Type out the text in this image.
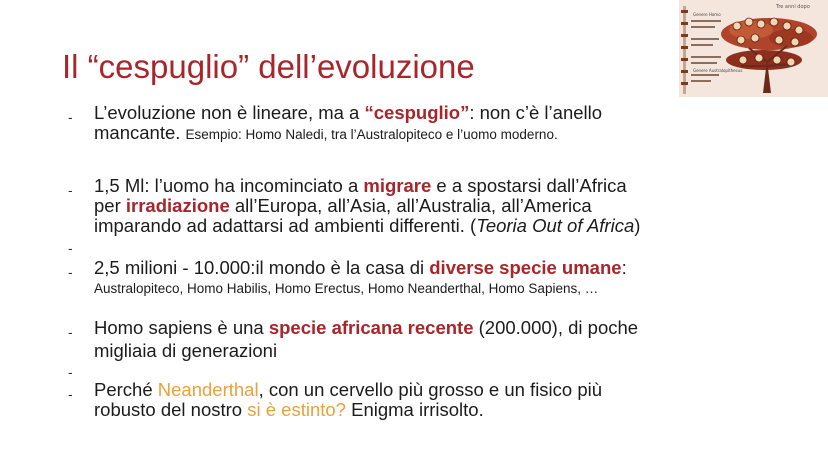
Il “cespuglio” dell’evoluzione
Tre anni dopo
Genere Homo
Genere Australopithecus
- L’evoluzione non è lineare, ma a “cespuglio”: non c’è l’anello
mancante. Esempio: Homo Naledi, tra l’Australopiteco e l’uomo moderno.
- 1,5 Ml: l’uomo ha incominciato a migrare e a spostarsi dall’Africa
per irradiazione all’Europa, all’Asia, all’Australia, all’America
imparando ad adattarsi ad ambienti differenti. (Teoria Out of Africa)
-
- 2,5 milioni - 10.000:il mondo è la casa di diverse specie umane:
Australopiteco, Homo Habilis, Homo Erectus, Homo Neanderthal, Homo Sapiens, …
- Homo sapiens è una specie africana recente (200.000), di poche
migliaia di generazioni
-
- Perché Neanderthal, con un cervello più grosso e un fisico più
robusto del nostro si è estinto? Enigma irrisolto.
